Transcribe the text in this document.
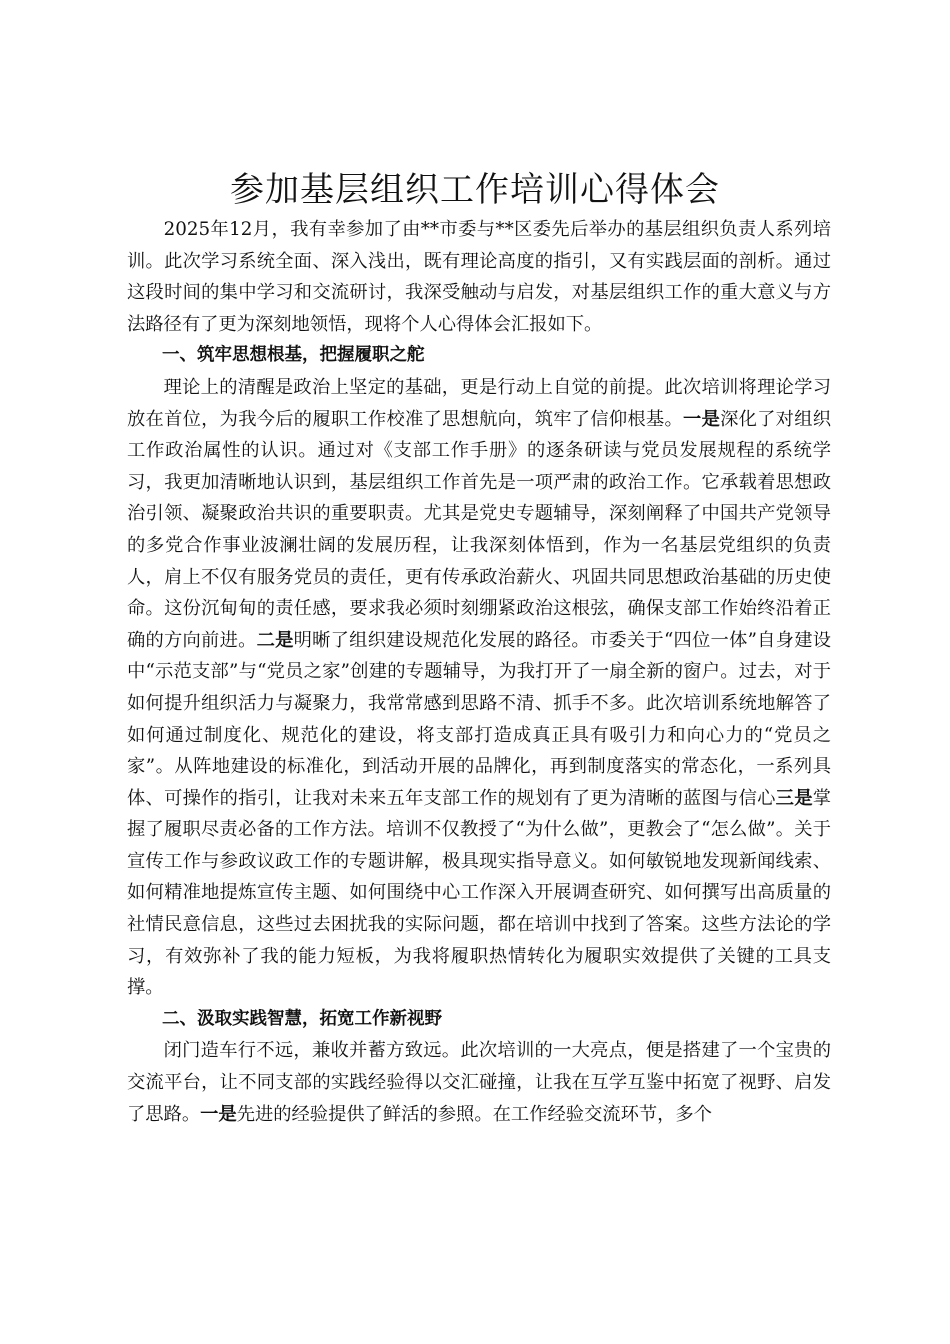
参加基层组织工作培训心得体会

2025年12月，我有幸参加了由**市委与**区委先后举办的基层组织负责人系列培训。此次学习系统全面、深入浅出，既有理论高度的指引，又有实践层面的剖析。通过这段时间的集中学习和交流研讨，我深受触动与启发，对基层组织工作的重大意义与方法路径有了更为深刻地领悟，现将个人心得体会汇报如下。

一、筑牢思想根基，把握履职之舵

理论上的清醒是政治上坚定的基础，更是行动上自觉的前提。此次培训将理论学习放在首位，为我今后的履职工作校准了思想航向，筑牢了信仰根基。一是深化了对组织工作政治属性的认识。通过对《支部工作手册》的逐条研读与党员发展规程的系统学习，我更加清晰地认识到，基层组织工作首先是一项严肃的政治工作。它承载着思想政治引领、凝聚政治共识的重要职责。尤其是党史专题辅导，深刻阐释了中国共产党领导的多党合作事业波澜壮阔的发展历程，让我深刻体悟到，作为一名基层党组织的负责人，肩上不仅有服务党员的责任，更有传承政治薪火、巩固共同思想政治基础的历史使命。这份沉甸甸的责任感，要求我必须时刻绷紧政治这根弦，确保支部工作始终沿着正确的方向前进。二是明晰了组织建设规范化发展的路径。市委关于“四位一体”自身建设中“示范支部”与“党员之家”创建的专题辅导，为我打开了一扇全新的窗户。过去，对于如何提升组织活力与凝聚力，我常常感到思路不清、抓手不多。此次培训系统地解答了如何通过制度化、规范化的建设，将支部打造成真正具有吸引力和向心力的“党员之家”。从阵地建设的标准化，到活动开展的品牌化，再到制度落实的常态化，一系列具体、可操作的指引，让我对未来五年支部工作的规划有了更为清晰的蓝图与信心三是掌握了履职尽责必备的工作方法。培训不仅教授了“为什么做”，更教会了“怎么做”。关于宣传工作与参政议政工作的专题讲解，极具现实指导意义。如何敏锐地发现新闻线索、如何精准地提炼宣传主题、如何围绕中心工作深入开展调查研究、如何撰写出高质量的社情民意信息，这些过去困扰我的实际问题，都在培训中找到了答案。这些方法论的学习，有效弥补了我的能力短板，为我将履职热情转化为履职实效提供了关键的工具支撑。

二、汲取实践智慧，拓宽工作新视野

闭门造车行不远，兼收并蓄方致远。此次培训的一大亮点，便是搭建了一个宝贵的交流平台，让不同支部的实践经验得以交汇碰撞，让我在互学互鉴中拓宽了视野、启发了思路。一是先进的经验提供了鲜活的参照。在工作经验交流环节，多个
